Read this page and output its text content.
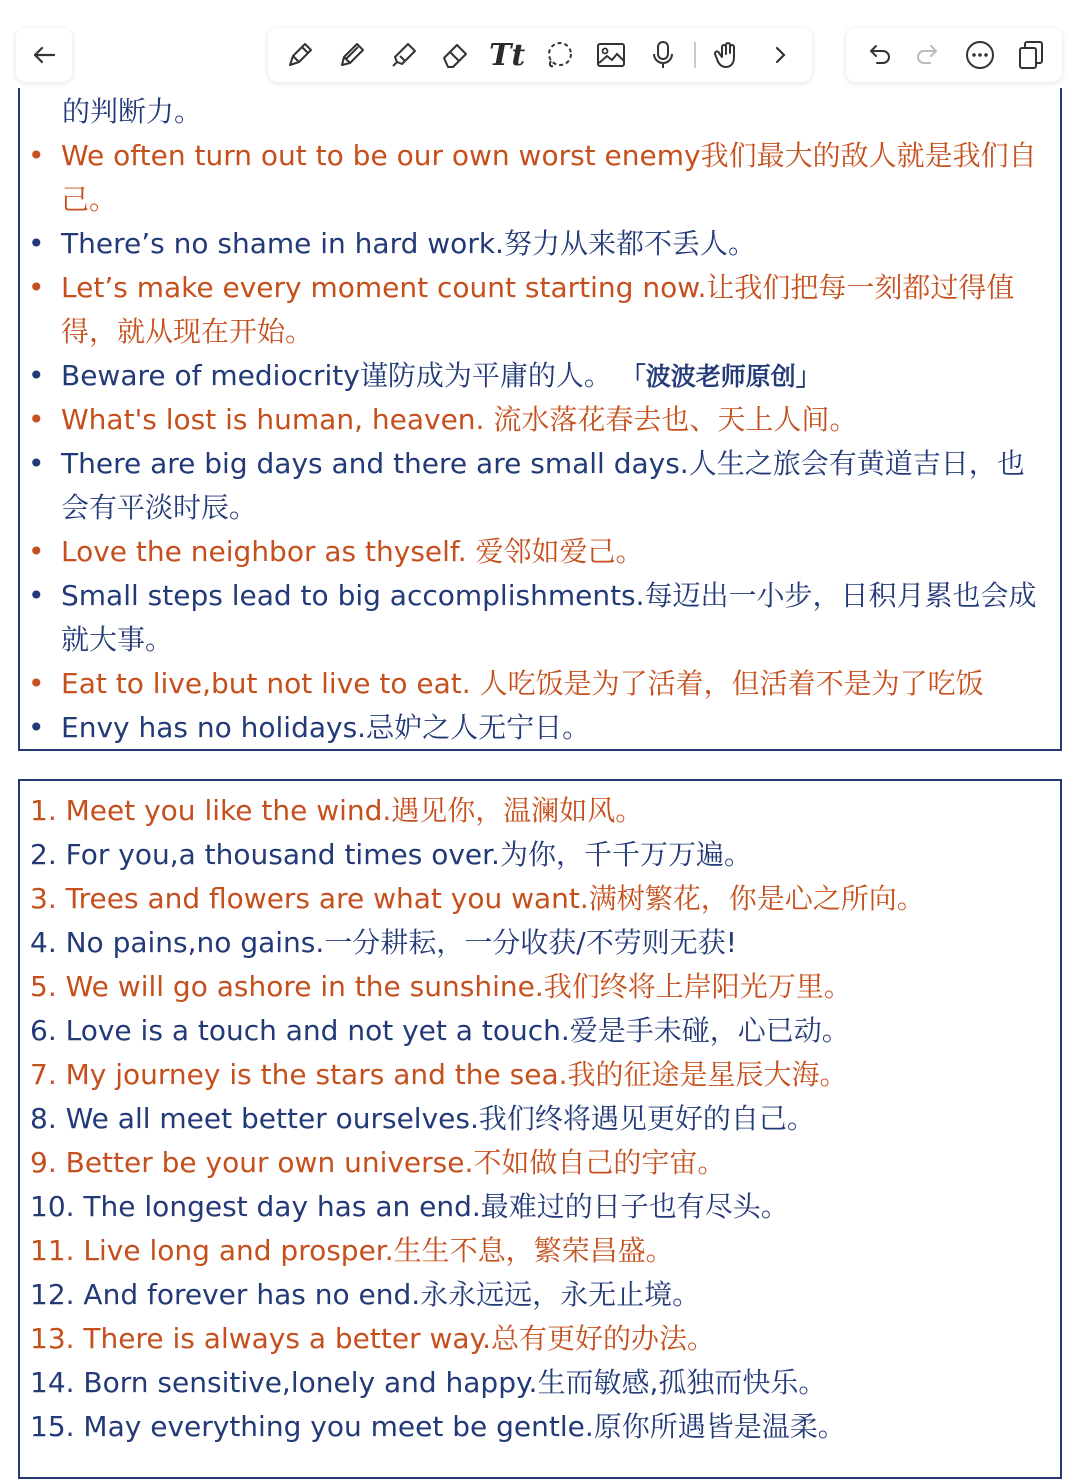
Tt
的判断力。
• We often turn out to be our own worst enemy我们最大的敌人就是我们自己。
• There’s no shame in hard work.努力从来都不丢人。
• Let’s make every moment count starting now.让我们把每一刻都过得值得，就从现在开始。
• Beware of mediocrity谨防成为平庸的人。 「波波老师原创」
• What's lost is human, heaven. 流水落花春去也、天上人间。
• There are big days and there are small days.人生之旅会有黄道吉日，也会有平淡时辰。
• Love the neighbor as thyself. 爱邻如爱己。
• Small steps lead to big accomplishments.每迈出一小步，日积月累也会成就大事。
• Eat to live,but not live to eat. 人吃饭是为了活着，但活着不是为了吃饭
• Envy has no holidays.忌妒之人无宁日。
1. Meet you like the wind.遇见你，温澜如风。
2. For you,a thousand times over.为你，千千万万遍。
3. Trees and flowers are what you want.满树繁花，你是心之所向。
4. No pains,no gains.一分耕耘，一分收获/不劳则无获!
5. We will go ashore in the sunshine.我们终将上岸阳光万里。
6. Love is a touch and not yet a touch.爱是手未碰，心已动。
7. My journey is the stars and the sea.我的征途是星辰大海。
8. We all meet better ourselves.我们终将遇见更好的自己。
9. Better be your own universe.不如做自己的宇宙。
10. The longest day has an end.最难过的日子也有尽头。
11. Live long and prosper.生生不息，繁荣昌盛。
12. And forever has no end.永永远远，永无止境。
13. There is always a better way.总有更好的办法。
14. Born sensitive,lonely and happy.生而敏感,孤独而快乐。
15. May everything you meet be gentle.原你所遇皆是温柔。
